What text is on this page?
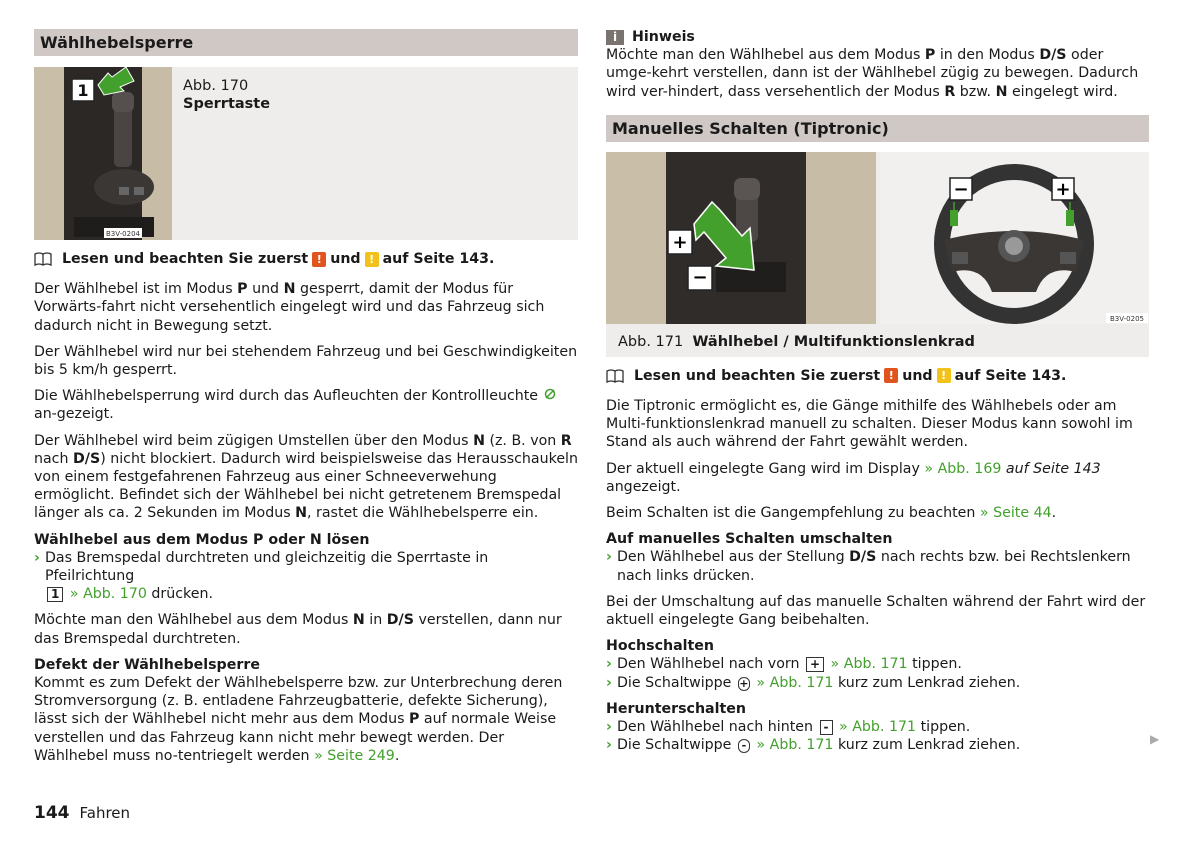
Wählhebelsperre
1
B3V-0204
Abb. 170
Sperrtaste
Lesen und beachten Sie zuerst ! und ! auf Seite 143.

Der Wählhebel ist im Modus P und N gesperrt, damit der Modus für Vorwärts-fahrt nicht versehentlich eingelegt wird und das Fahrzeug sich dadurch nicht in Bewegung setzt.

Der Wählhebel wird nur bei stehendem Fahrzeug und bei Geschwindigkeiten bis 5 km/h gesperrt.

Die Wählhebelsperrung wird durch das Aufleuchten der Kontrollleuchte  an-gezeigt.

Der Wählhebel wird beim zügigen Umstellen über den Modus N (z. B. von R nach D/S) nicht blockiert. Dadurch wird beispielsweise das Herausschaukeln von einem festgefahrenen Fahrzeug aus einer Schneeverwehung ermöglicht. Befindet sich der Wählhebel bei nicht getretenem Bremspedal länger als ca. 2 Sekunden im Modus N, rastet die Wählhebelsperre ein.

Wählhebel aus dem Modus P oder N lösen
› Das Bremspedal durchtreten und gleichzeitig die Sperrtaste in Pfeilrichtung
1 » Abb. 170 drücken.

Möchte man den Wählhebel aus dem Modus N in D/S verstellen, dann nur das Bremspedal durchtreten.

Defekt der Wählhebelsperre

Kommt es zum Defekt der Wählhebelsperre bzw. zur Unterbrechung deren Stromversorgung (z. B. entladene Fahrzeugbatterie, defekte Sicherung), lässt sich der Wählhebel nicht mehr aus dem Modus P auf normale Weise verstellen und das Fahrzeug kann nicht mehr bewegt werden. Der Wählhebel muss no-tentriegelt werden » Seite 249.

i	Hinweis

Möchte man den Wählhebel aus dem Modus P in den Modus D/S oder umge-kehrt verstellen, dann ist der Wählhebel zügig zu bewegen. Dadurch wird ver-hindert, dass versehentlich der Modus R bzw. N eingelegt wird.

Manuelles Schalten (Tiptronic)
+
−
−	+
B3V-0205
Abb. 171 Wählhebel / Multifunktionslenkrad
Lesen und beachten Sie zuerst ! und ! auf Seite 143.

Die Tiptronic ermöglicht es, die Gänge mithilfe des Wählhebels oder am Multi-funktionslenkrad manuell zu schalten. Dieser Modus kann sowohl im Stand als auch während der Fahrt gewählt werden.

Der aktuell eingelegte Gang wird im Display » Abb. 169 auf Seite 143 angezeigt.

Beim Schalten ist die Gangempfehlung zu beachten » Seite 44.

Auf manuelles Schalten umschalten
› Den Wählhebel aus der Stellung D/S nach rechts bzw. bei Rechtslenkern nach links drücken.

Bei der Umschaltung auf das manuelle Schalten während der Fahrt wird der aktuell eingelegte Gang beibehalten.

Hochschalten
› Den Wählhebel nach vorn + » Abb. 171 tippen.
› Die Schaltwippe + » Abb. 171 kurz zum Lenkrad ziehen.
Herunterschalten
› Den Wählhebel nach hinten - » Abb. 171 tippen.
› Die Schaltwippe - » Abb. 171 kurz zum Lenkrad ziehen.	▶
144 Fahren
